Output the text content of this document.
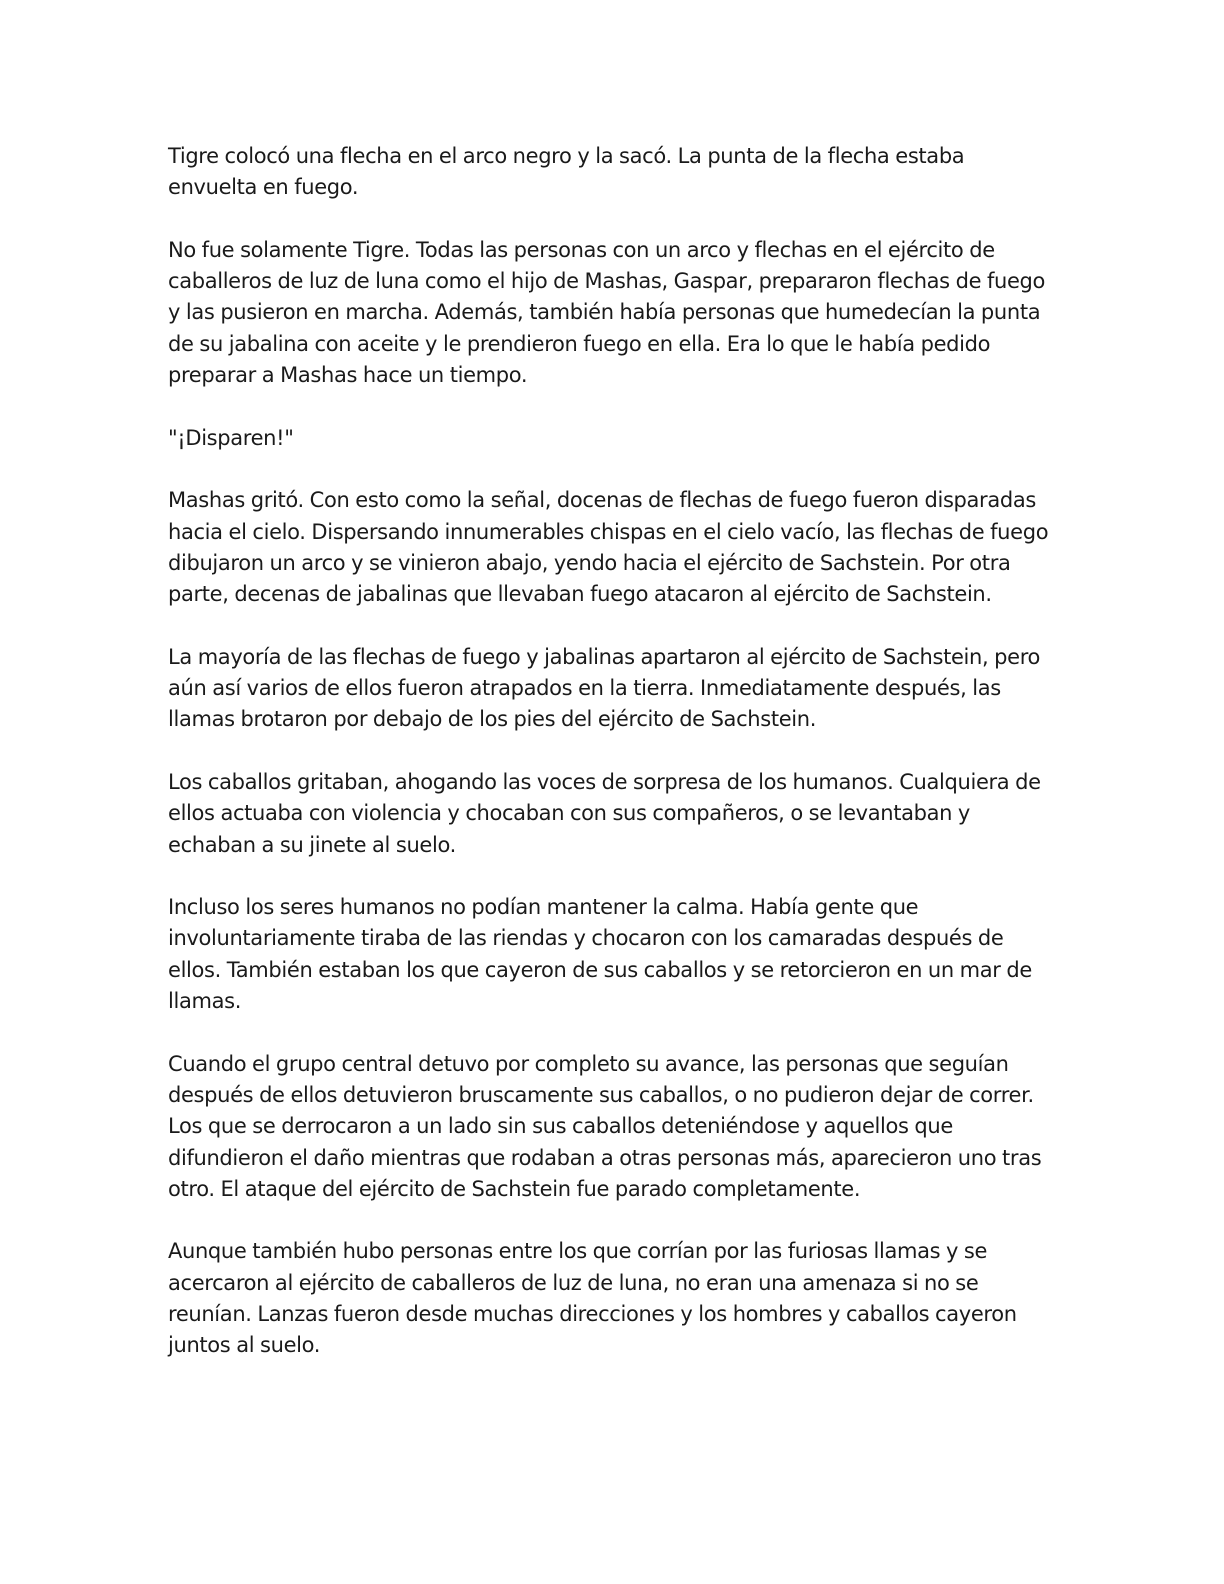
Tigre colocó una flecha en el arco negro y la sacó. La punta de la flecha estaba envuelta en fuego.

No fue solamente Tigre. Todas las personas con un arco y flechas en el ejército de caballeros de luz de luna como el hijo de Mashas, Gaspar, prepararon flechas de fuego y las pusieron en marcha. Además, también había personas que humedecían la punta de su jabalina con aceite y le prendieron fuego en ella. Era lo que le había pedido preparar a Mashas hace un tiempo.

"¡Disparen!"

Mashas gritó. Con esto como la señal, docenas de flechas de fuego fueron disparadas hacia el cielo. Dispersando innumerables chispas en el cielo vacío, las flechas de fuego dibujaron un arco y se vinieron abajo, yendo hacia el ejército de Sachstein. Por otra parte, decenas de jabalinas que llevaban fuego atacaron al ejército de Sachstein.

La mayoría de las flechas de fuego y jabalinas apartaron al ejército de Sachstein, pero aún así varios de ellos fueron atrapados en la tierra. Inmediatamente después, las llamas brotaron por debajo de los pies del ejército de Sachstein.

Los caballos gritaban, ahogando las voces de sorpresa de los humanos. Cualquiera de ellos actuaba con violencia y chocaban con sus compañeros, o se levantaban y echaban a su jinete al suelo.

Incluso los seres humanos no podían mantener la calma. Había gente que involuntariamente tiraba de las riendas y chocaron con los camaradas después de ellos. También estaban los que cayeron de sus caballos y se retorcieron en un mar de llamas.

Cuando el grupo central detuvo por completo su avance, las personas que seguían después de ellos detuvieron bruscamente sus caballos, o no pudieron dejar de correr. Los que se derrocaron a un lado sin sus caballos deteniéndose y aquellos que difundieron el daño mientras que rodaban a otras personas más, aparecieron uno tras otro. El ataque del ejército de Sachstein fue parado completamente.

Aunque también hubo personas entre los que corrían por las furiosas llamas y se acercaron al ejército de caballeros de luz de luna, no eran una amenaza si no se reunían. Lanzas fueron desde muchas direcciones y los hombres y caballos cayeron juntos al suelo.
